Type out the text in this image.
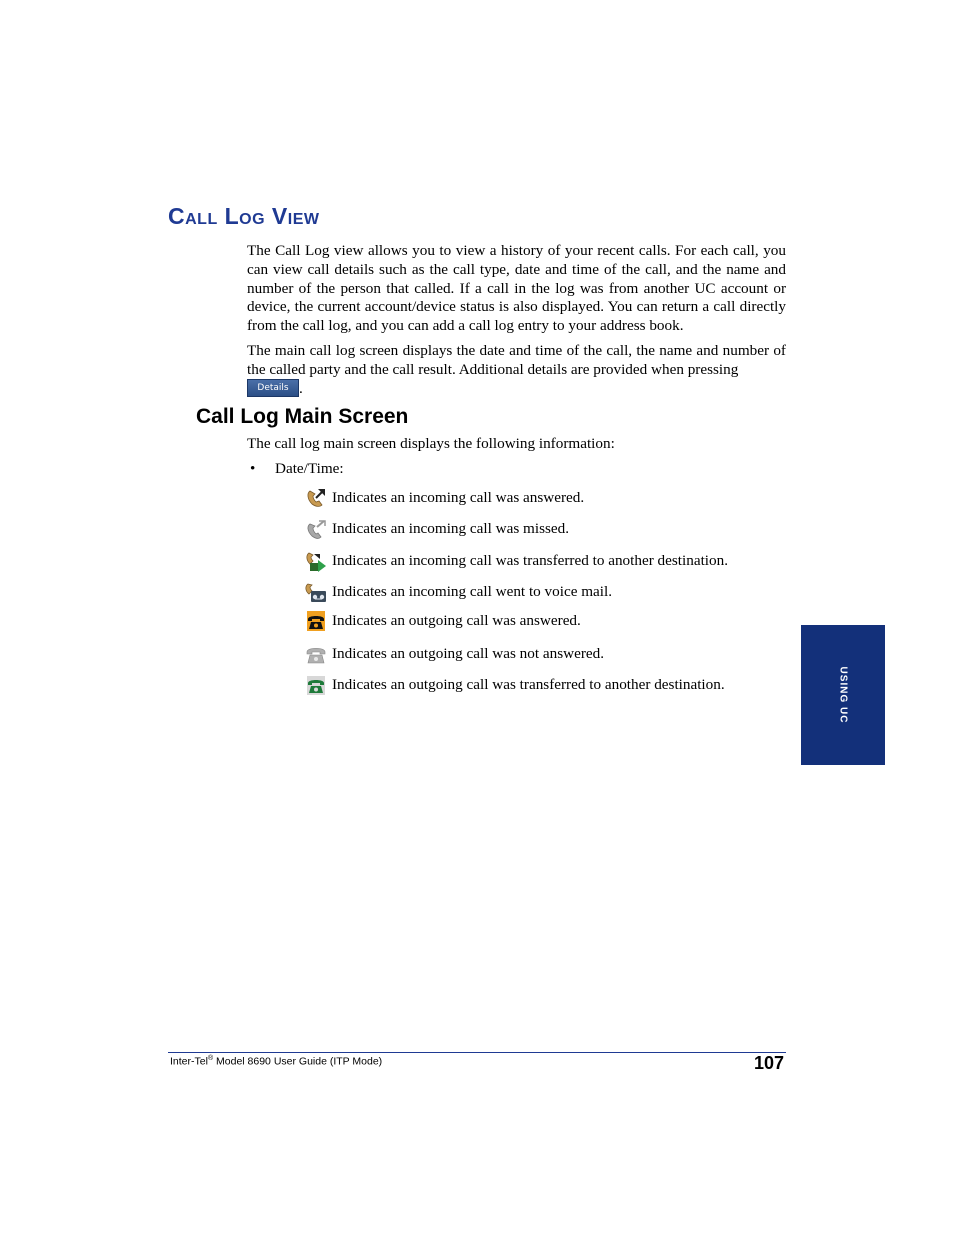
Call Log View
The Call Log view allows you to view a history of your recent calls. For each call, you can view call details such as the call type, date and time of the call, and the name and number of the person that called. If a call in the log was from another UC account or device, the current account/device status is also displayed. You can return a call directly from the call log, and you can add a call log entry to your address book.
The main call log screen displays the date and time of the call, the name and number of the called party and the call result. Additional details are provided when pressing
Details .
Call Log Main Screen
The call log main screen displays the following information:
• Date/Time:
Indicates an incoming call was answered.
Indicates an incoming call was missed.
Indicates an incoming call was transferred to another destination.
Indicates an incoming call went to voice mail.
Indicates an outgoing call was answered.
Indicates an outgoing call was not answered.
Indicates an outgoing call was transferred to another destination.	USING UC
Inter-Tel® Model 8690 User Guide (ITP Mode)	107
